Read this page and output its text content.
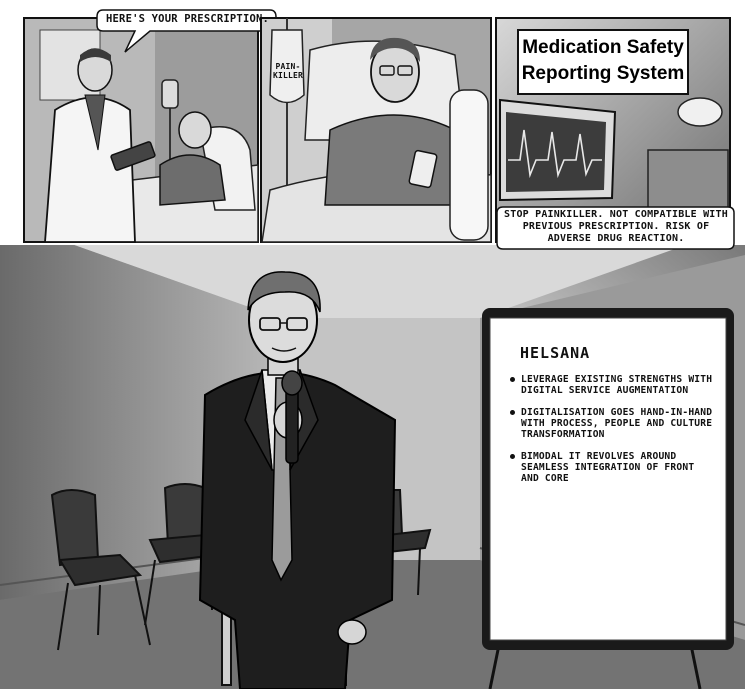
HERE'S YOUR PRESCRIPTION.
PAIN-
KILLER
Medication Safety
Reporting System
STOP PAINKILLER. NOT COMPATIBLE WITH PREVIOUS PRESCRIPTION. RISK OF ADVERSE DRUG REACTION.
HELSANA
LEVERAGE EXISTING STRENGTHS WITH DIGITAL SERVICE AUGMENTATION
DIGITALISATION GOES HAND-IN-HAND WITH PROCESS, PEOPLE AND CULTURE TRANSFORMATION
BIMODAL IT REVOLVES AROUND SEAMLESS INTEGRATION OF FRONT AND CORE
